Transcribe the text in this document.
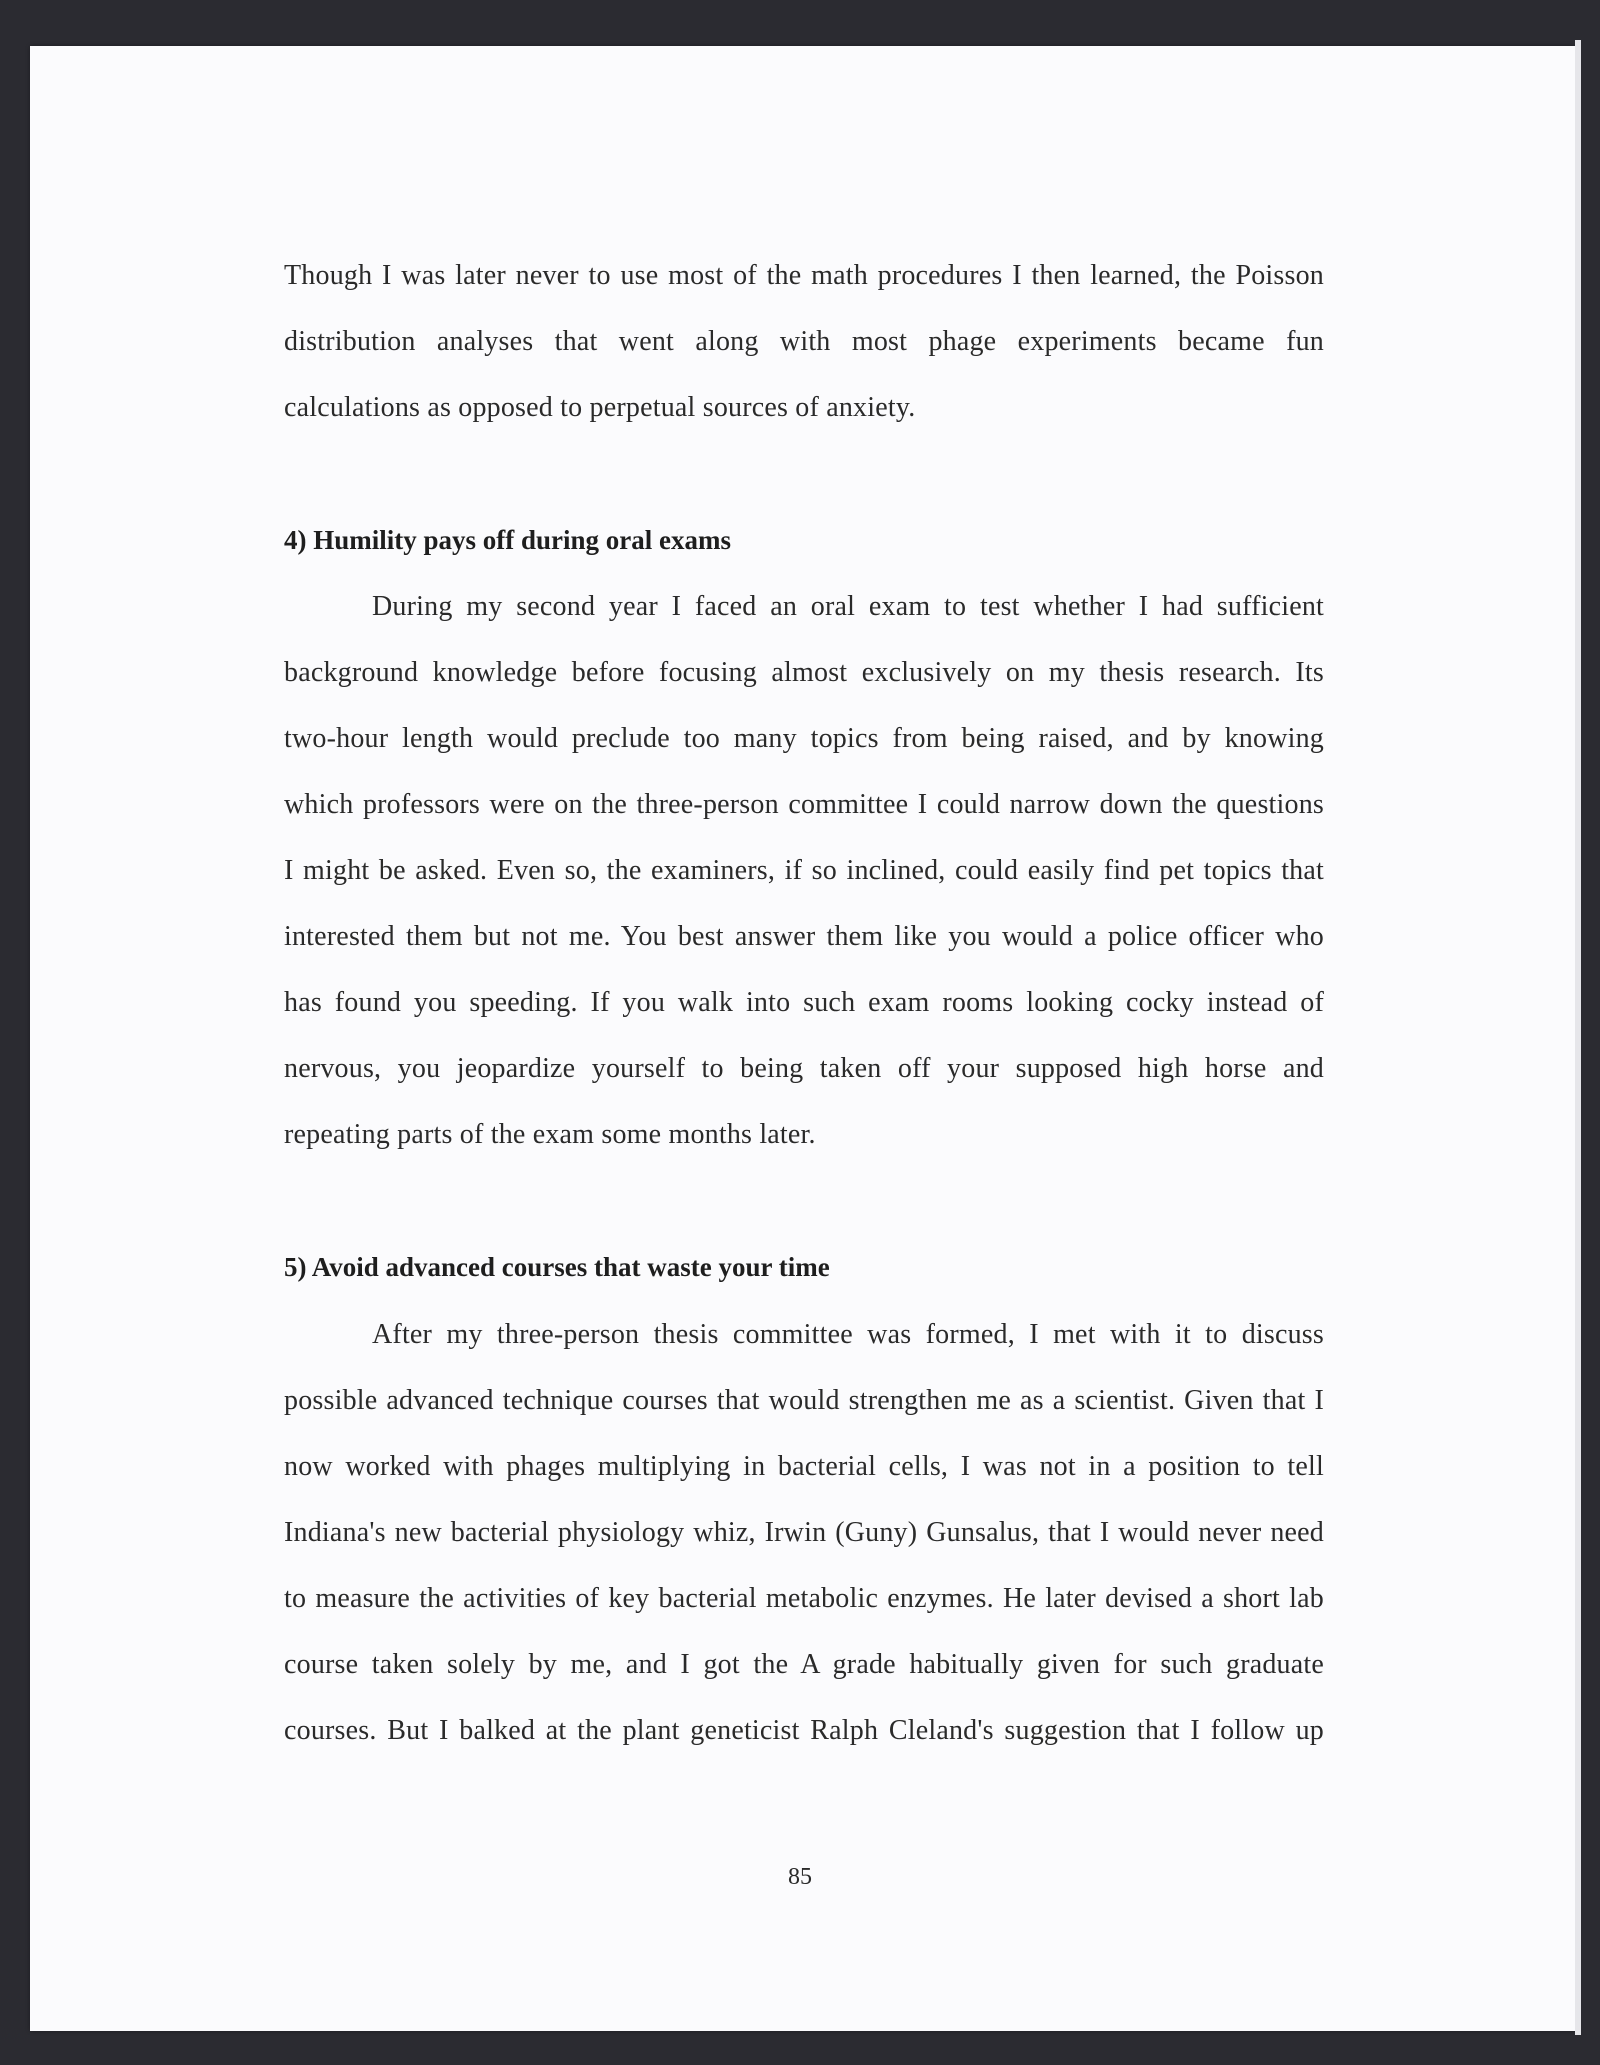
Though I was later never to use most of the math procedures I then learned, the Poisson
distribution analyses that went along with most phage experiments became fun
calculations as opposed to perpetual sources of anxiety.
4) Humility pays off during oral exams
During my second year I faced an oral exam to test whether I had sufficient
background knowledge before focusing almost exclusively on my thesis research. Its
two-hour length would preclude too many topics from being raised, and by knowing
which professors were on the three-person committee I could narrow down the questions
I might be asked. Even so, the examiners, if so inclined, could easily find pet topics that
interested them but not me. You best answer them like you would a police officer who
has found you speeding. If you walk into such exam rooms looking cocky instead of
nervous, you jeopardize yourself to being taken off your supposed high horse and
repeating parts of the exam some months later.
5) Avoid advanced courses that waste your time
After my three-person thesis committee was formed, I met with it to discuss
possible advanced technique courses that would strengthen me as a scientist. Given that I
now worked with phages multiplying in bacterial cells, I was not in a position to tell
Indiana's new bacterial physiology whiz, Irwin (Guny) Gunsalus, that I would never need
to measure the activities of key bacterial metabolic enzymes. He later devised a short lab
course taken solely by me, and I got the A grade habitually given for such graduate
courses. But I balked at the plant geneticist Ralph Cleland's suggestion that I follow up

85
